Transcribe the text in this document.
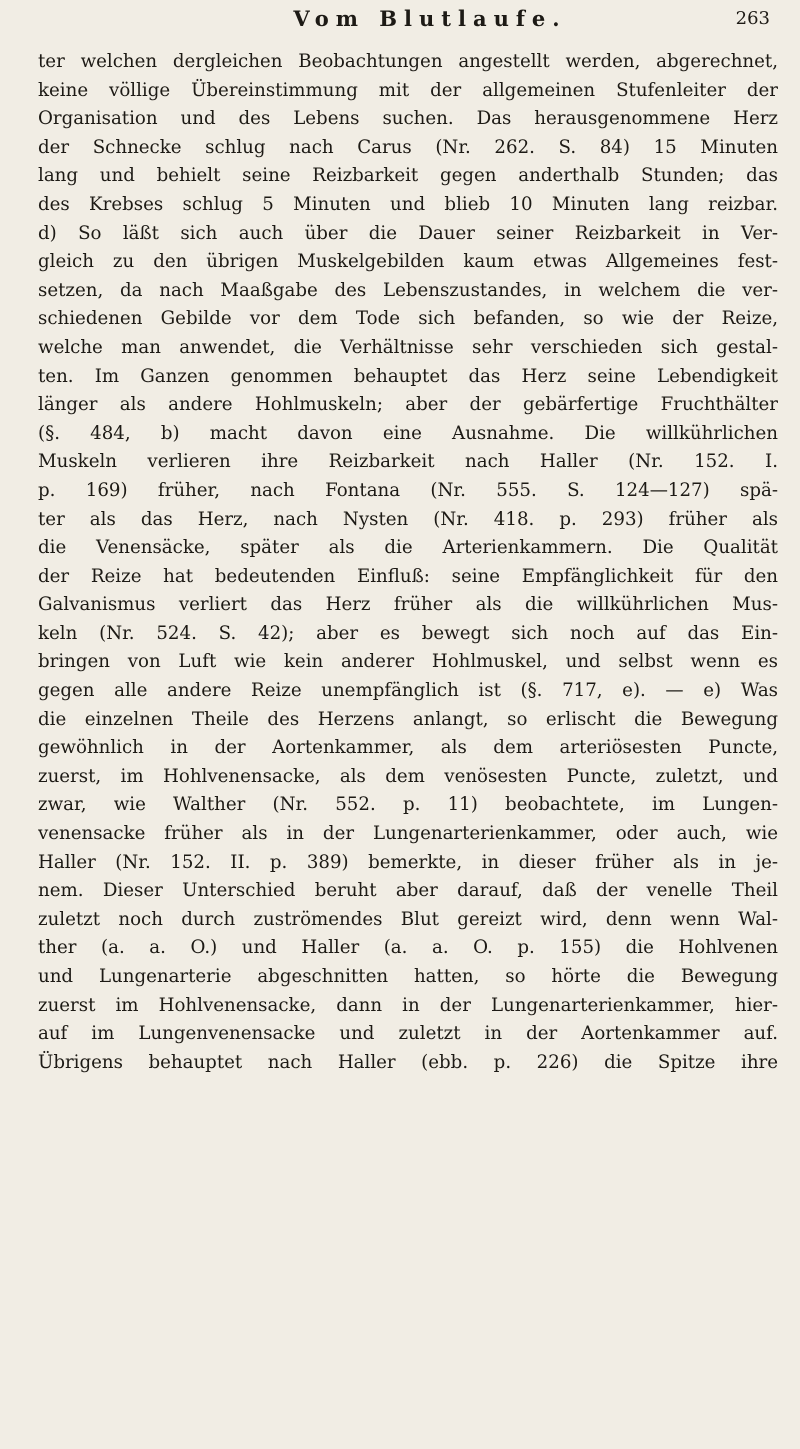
Vom Blutlaufe.	263
ter welchen dergleichen Beobachtungen angestellt werden, abgerechnet,
keine völlige Übereinstimmung mit der allgemeinen Stufenleiter der
Organisation und des Lebens suchen. Das herausgenommene Herz
der Schnecke schlug nach Carus (Nr. 262. S. 84) 15 Minuten
lang und behielt seine Reizbarkeit gegen anderthalb Stunden; das
des Krebses schlug 5 Minuten und blieb 10 Minuten lang reizbar.
d) So läßt sich auch über die Dauer seiner Reizbarkeit in Ver-
gleich zu den übrigen Muskelgebilden kaum etwas Allgemeines fest-
setzen, da nach Maaßgabe des Lebenszustandes, in welchem die ver-
schiedenen Gebilde vor dem Tode sich befanden, so wie der Reize,
welche man anwendet, die Verhältnisse sehr verschieden sich gestal-
ten. Im Ganzen genommen behauptet das Herz seine Lebendigkeit
länger als andere Hohlmuskeln; aber der gebärfertige Fruchthälter
(§. 484, b) macht davon eine Ausnahme. Die willkührlichen
Muskeln verlieren ihre Reizbarkeit nach Haller (Nr. 152. I.
p. 169) früher, nach Fontana (Nr. 555. S. 124—127) spä-
ter als das Herz, nach Nysten (Nr. 418. p. 293) früher als
die Venensäcke, später als die Arterienkammern. Die Qualität
der Reize hat bedeutenden Einfluß: seine Empfänglichkeit für den
Galvanismus verliert das Herz früher als die willkührlichen Mus-
keln (Nr. 524. S. 42); aber es bewegt sich noch auf das Ein-
bringen von Luft wie kein anderer Hohlmuskel, und selbst wenn es
gegen alle andere Reize unempfänglich ist (§. 717, e). — e) Was
die einzelnen Theile des Herzens anlangt, so erlischt die Bewegung
gewöhnlich in der Aortenkammer, als dem arteriösesten Puncte,
zuerst, im Hohlvenensacke, als dem venösesten Puncte, zuletzt, und
zwar, wie Walther (Nr. 552. p. 11) beobachtete, im Lungen-
venensacke früher als in der Lungenarterienkammer, oder auch, wie
Haller (Nr. 152. II. p. 389) bemerkte, in dieser früher als in je-
nem. Dieser Unterschied beruht aber darauf, daß der venelle Theil
zuletzt noch durch zuströmendes Blut gereizt wird, denn wenn Wal-
ther (a. a. O.) und Haller (a. a. O. p. 155) die Hohlvenen
und Lungenarterie abgeschnitten hatten, so hörte die Bewegung
zuerst im Hohlvenensacke, dann in der Lungenarterienkammer, hier-
auf im Lungenvenensacke und zuletzt in der Aortenkammer auf.
Übrigens behauptet nach Haller (ebb. p. 226) die Spitze ihre
